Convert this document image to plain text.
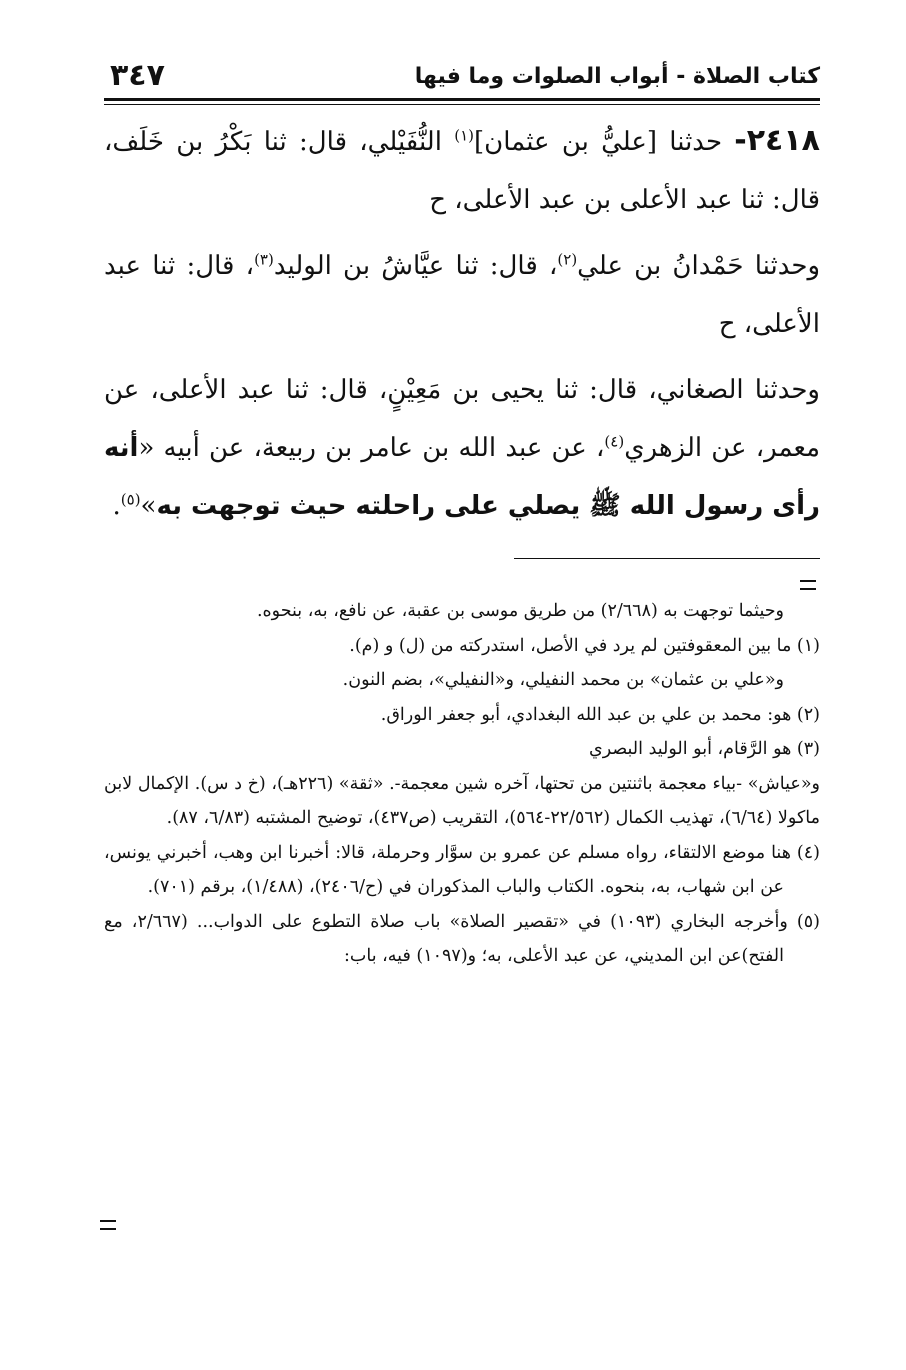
كتاب الصلاة - أبواب الصلوات وما فيها
٣٤٧

٢٤١٨- حدثنا [عليُّ بن عثمان]$^{(١)}$ النُّفَيْلي، قال: ثنا بَكْرُ بن خَلَف، قال: ثنا عبد الأعلى بن عبد الأعلى، ح

وحدثنا حَمْدانُ بن علي$^{(٢)}$، قال: ثنا عيَّاشُ بن الوليد$^{(٣)}$، قال: ثنا عبد الأعلى، ح

وحدثنا الصغاني، قال: ثنا يحيى بن مَعِيْنٍ، قال: ثنا عبد الأعلى، عن معمر، عن الزهري$^{(٤)}$، عن عبد الله بن عامر بن ربيعة، عن أبيه «أنه رأى رسول الله ﷺ يصلي على راحلته حيث توجهت به»$^{(٥)}$.

وحيثما توجهت به (٢/٦٦٨) من طريق موسى بن عقبة، عن نافع، به، بنحوه.

(١) ما بين المعقوفتين لم يرد في الأصل، استدركته من (ل) و (م).

و«علي بن عثمان» بن محمد النفيلي، و«النفيلي»، بضم النون.

(٢) هو: محمد بن علي بن عبد الله البغدادي، أبو جعفر الوراق.

(٣) هو الرَّقام، أبو الوليد البصري

و«عياش» -بياء معجمة باثنتين من تحتها، آخره شين معجمة-. «ثقة» (٢٢٦هـ)، (خ د س). الإكمال لابن ماكولا (٦/٦٤)، تهذيب الكمال (٢٢/٥٦٢-٥٦٤)، التقريب (ص٤٣٧)، توضيح المشتبه (٦/٨٣، ٨٧).

(٤) هنا موضع الالتقاء، رواه مسلم عن عمرو بن سوَّار وحرملة، قالا: أخبرنا ابن وهب، أخبرني يونس، عن ابن شهاب، به، بنحوه. الكتاب والباب المذكوران في (ح/٢٤٠٦)، (١/٤٨٨)، برقم (٧٠١).

(٥) وأخرجه البخاري (١٠٩٣) في «تقصير الصلاة» باب صلاة التطوع على الدواب... (٢/٦٦٧، مع الفتح)عن ابن المديني، عن عبد الأعلى، به؛ و(١٠٩٧) فيه، باب:
